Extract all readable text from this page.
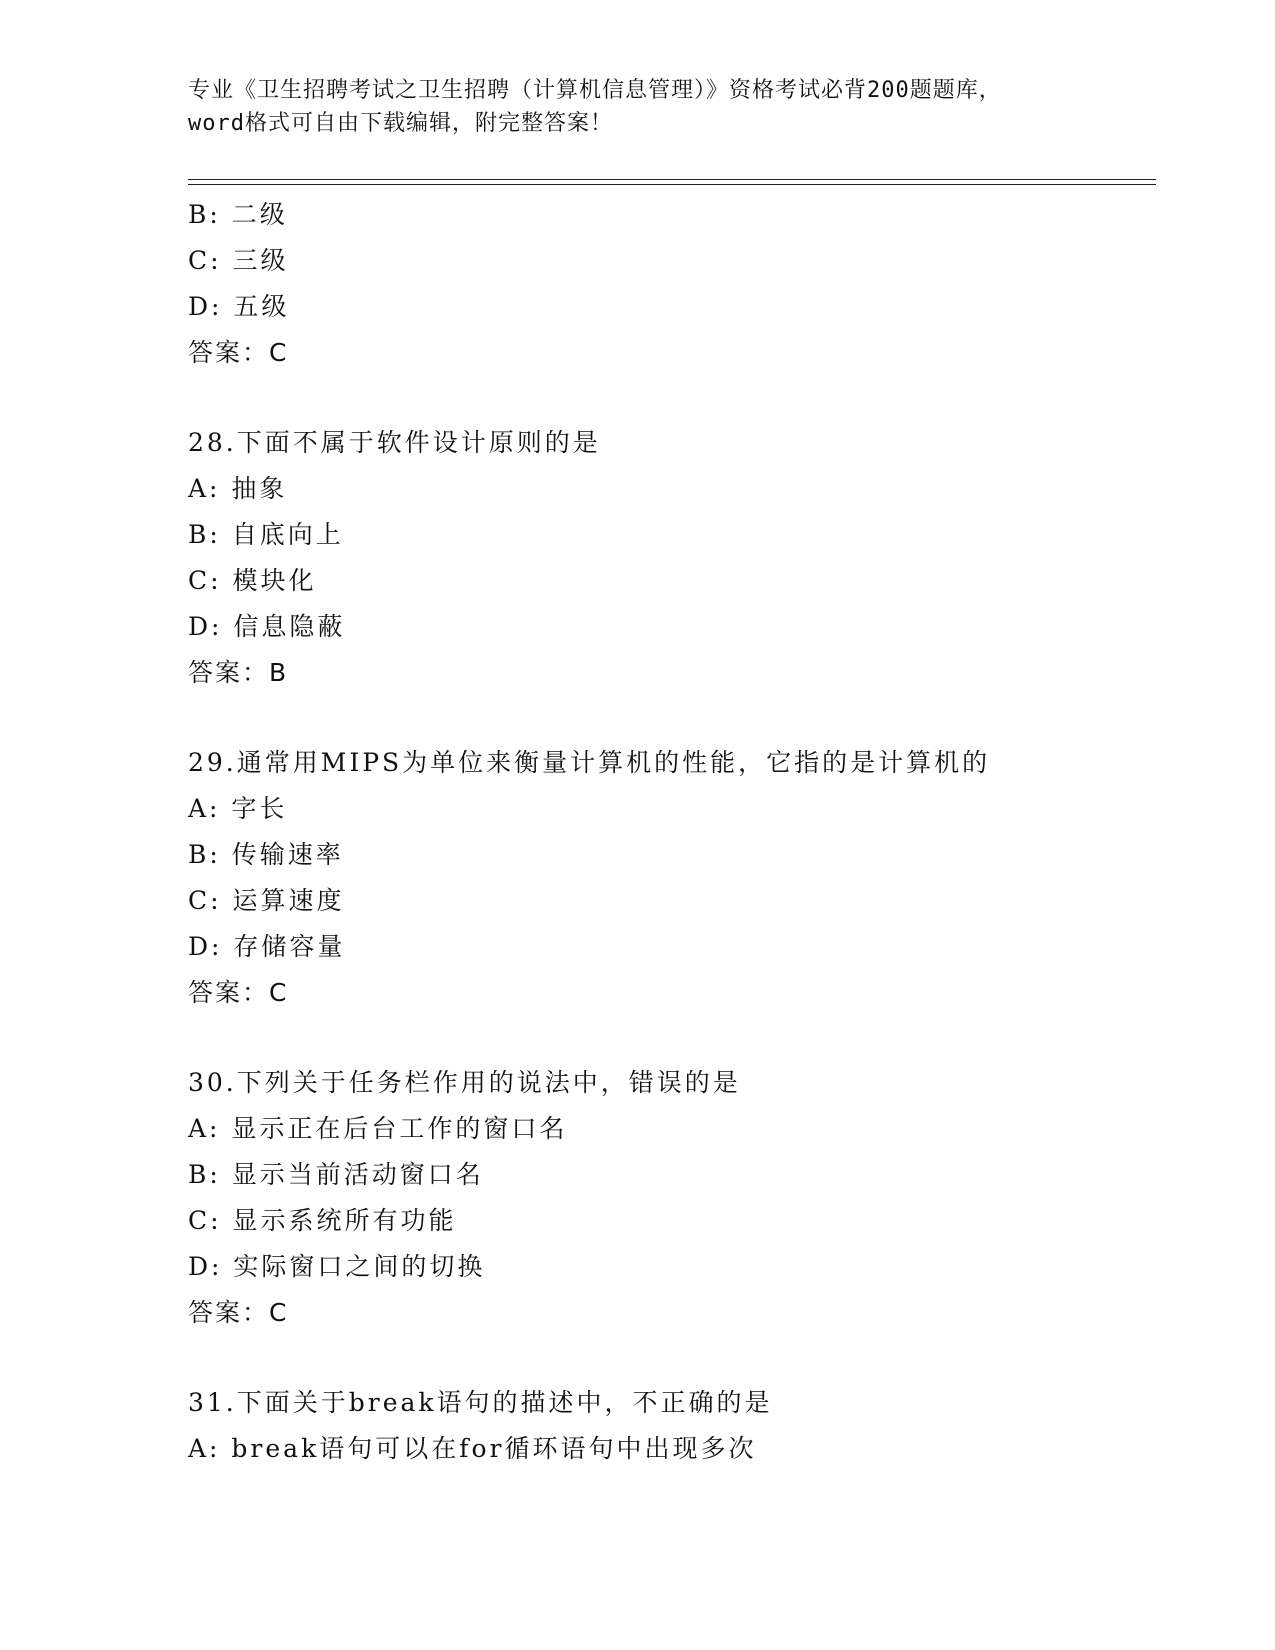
专业《卫生招聘考试之卫生招聘（计算机信息管理）》资格考试必背200题题库，
word格式可自由下载编辑，附完整答案！
B: 二级
C: 三级
D: 五级
答案：C
28.下面不属于软件设计原则的是
A: 抽象
B: 自底向上
C: 模块化
D: 信息隐蔽
答案：B
29.通常用MIPS为单位来衡量计算机的性能，它指的是计算机的
A: 字长
B: 传输速率
C: 运算速度
D: 存储容量
答案：C
30.下列关于任务栏作用的说法中，错误的是
A: 显示正在后台工作的窗口名
B: 显示当前活动窗口名
C: 显示系统所有功能
D: 实际窗口之间的切换
答案：C
31.下面关于break语句的描述中，不正确的是
A: break语句可以在for循环语句中出现多次
